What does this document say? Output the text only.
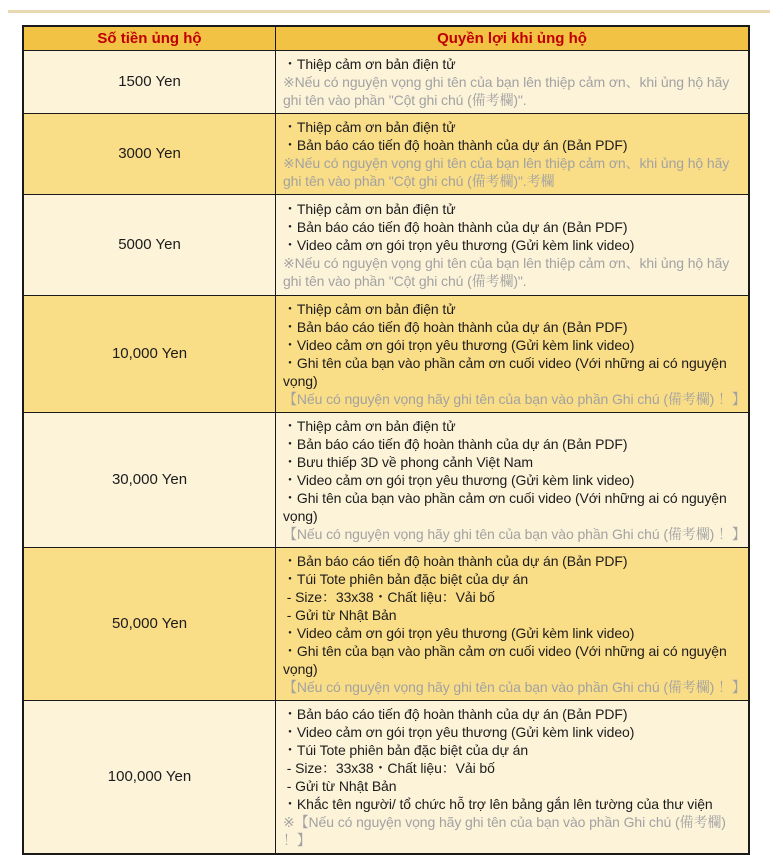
Số tiền ủng hộ	Quyền lợi khi ủng hộ
1500 Yen	・Thiệp cảm ơn bản điện tử
※Nếu có nguyện vọng ghi tên của bạn lên thiệp cảm ơn、khi ủng hộ hãy ghi tên vào phần "Cột ghi chú (備考欄)".

3000 Yen	・Thiệp cảm ơn bản điện tử
・Bản báo cáo tiến độ hoàn thành của dự án (Bản PDF)
※Nếu có nguyện vọng ghi tên của bạn lên thiệp cảm ơn、khi ủng hộ hãy ghi tên vào phần "Cột ghi chú (備考欄)".考欄

5000 Yen	・Thiệp cảm ơn bản điện tử
・Bản báo cáo tiến độ hoàn thành của dự án (Bản PDF)
・Video cảm ơn gói trọn yêu thương (Gửi kèm link video)
※Nếu có nguyện vọng ghi tên của bạn lên thiệp cảm ơn、khi ủng hộ hãy ghi tên vào phần "Cột ghi chú (備考欄)".

10,000 Yen	・Thiệp cảm ơn bản điện tử
・Bản báo cáo tiến độ hoàn thành của dự án (Bản PDF)
・Video cảm ơn gói trọn yêu thương (Gửi kèm link video)
・Ghi tên của bạn vào phần cảm ơn cuối video (Với những ai có nguyện vọng)
【Nếu có nguyện vọng hãy ghi tên của bạn vào phần Ghi chú (備考欄) ！】

30,000 Yen	
・Thiệp cảm ơn bản điện tử
・Bản báo cáo tiến độ hoàn thành của dự án (Bản PDF)
・Bưu thiếp 3D về phong cảnh Việt Nam
・Video cảm ơn gói trọn yêu thương (Gửi kèm link video)
・Ghi tên của bạn vào phần cảm ơn cuối video (Với những ai có nguyện vọng)
【Nếu có nguyện vọng hãy ghi tên của bạn vào phần Ghi chú (備考欄) ！】

50,000 Yen	
・Bản báo cáo tiến độ hoàn thành của dự án (Bản PDF)
・Túi Tote phiên bản đặc biệt của dự án
- Size：33x38・Chất liệu：Vải bố
- Gửi từ Nhật Bản
・Video cảm ơn gói trọn yêu thương (Gửi kèm link video)
・Ghi tên của bạn vào phần cảm ơn cuối video (Với những ai có nguyện vọng)
【Nếu có nguyện vọng hãy ghi tên của bạn vào phần Ghi chú (備考欄) ！】

100,000 Yen	
・Bản báo cáo tiến độ hoàn thành của dự án (Bản PDF)
・Video cảm ơn gói trọn yêu thương (Gửi kèm link video)
・Túi Tote phiên bản đặc biệt của dự án
- Size：33x38・Chất liệu：Vải bố
- Gửi từ Nhật Bản
・Khắc tên người/ tổ chức hỗ trợ lên bảng gắn lên tường của thư viện
※【Nếu có nguyện vọng hãy ghi tên của bạn vào phần Ghi chú (備考欄) ！】
